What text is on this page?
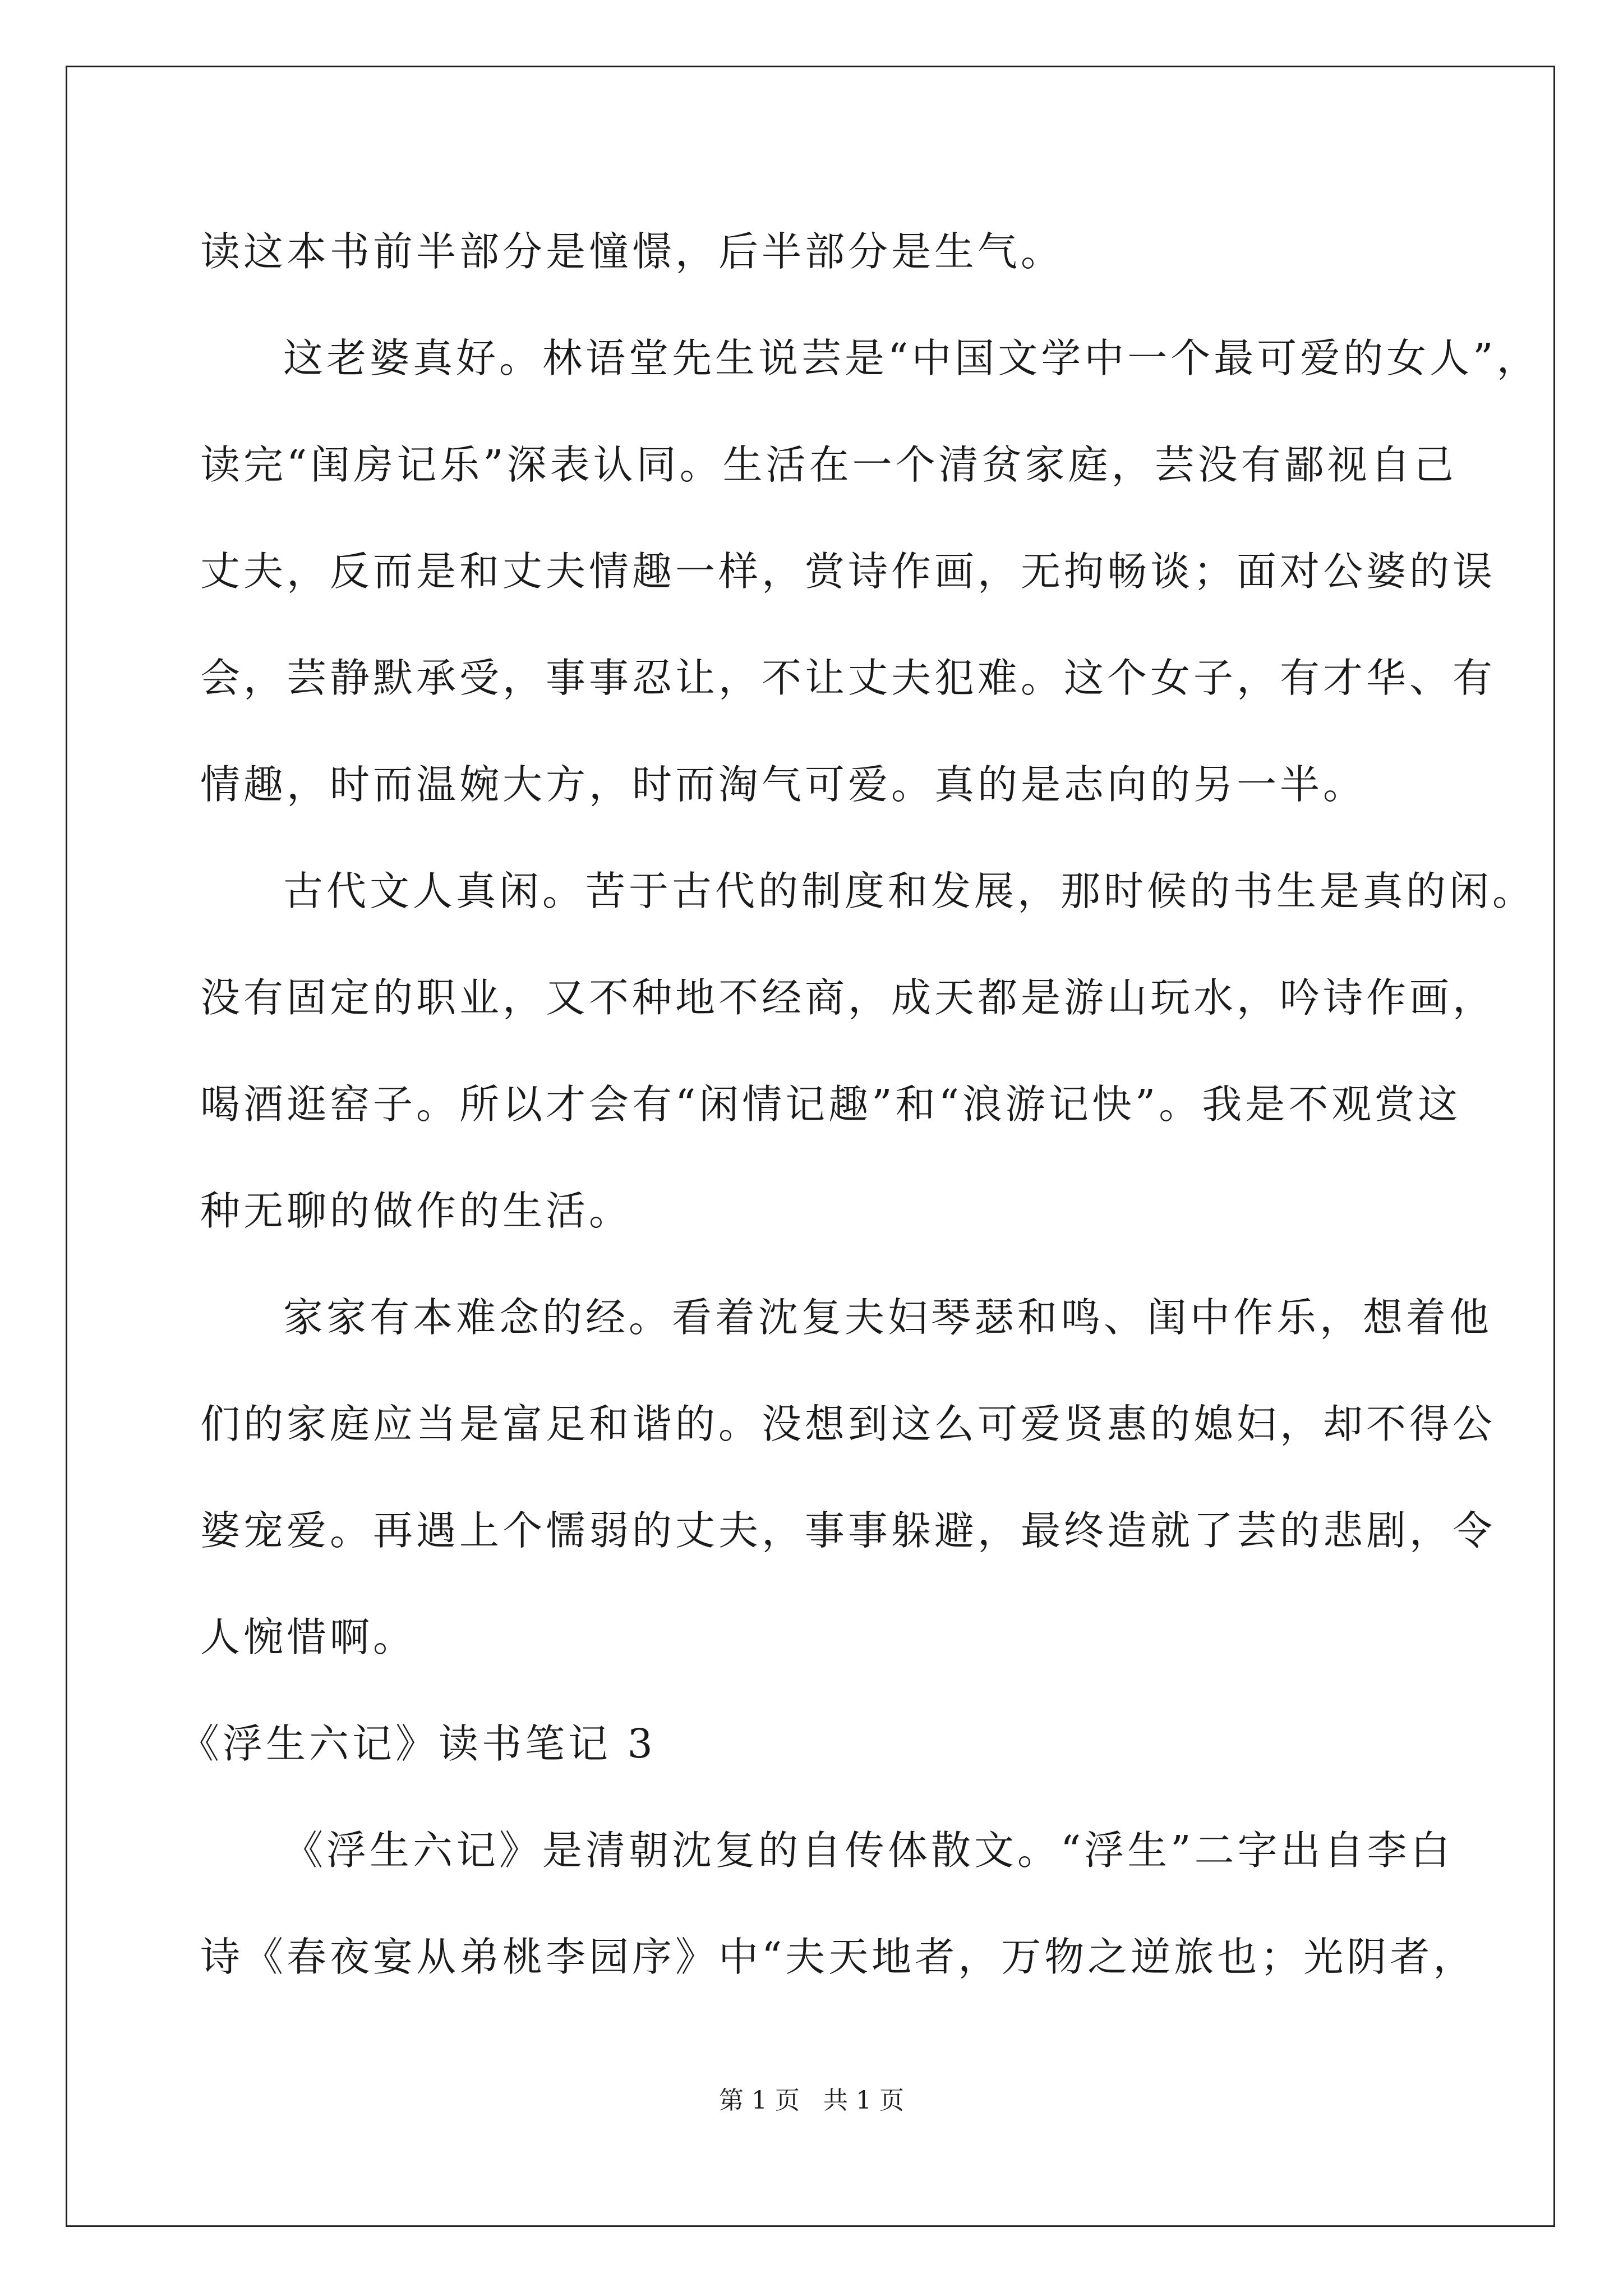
读这本书前半部分是憧憬，后半部分是生气。
这老婆真好。林语堂先生说芸是“中国文学中一个最可爱的女人”，
读完“闺房记乐”深表认同。生活在一个清贫家庭，芸没有鄙视自己
丈夫，反而是和丈夫情趣一样，赏诗作画，无拘畅谈；面对公婆的误
会，芸静默承受，事事忍让，不让丈夫犯难。这个女子，有才华、有
情趣，时而温婉大方，时而淘气可爱。真的是志向的另一半。
古代文人真闲。苦于古代的制度和发展，那时候的书生是真的闲。
没有固定的职业，又不种地不经商，成天都是游山玩水，吟诗作画，
喝酒逛窑子。所以才会有“闲情记趣”和“浪游记快”。我是不观赏这
种无聊的做作的生活。
家家有本难念的经。看着沈复夫妇琴瑟和鸣、闺中作乐，想着他
们的家庭应当是富足和谐的。没想到这么可爱贤惠的媳妇，却不得公
婆宠爱。再遇上个懦弱的丈夫，事事躲避，最终造就了芸的悲剧，令
人惋惜啊。
《浮生六记》读书笔记 3
《浮生六记》是清朝沈复的自传体散文。“浮生”二字出自李白
诗《春夜宴从弟桃李园序》中“夫天地者，万物之逆旅也；光阴者，
第 1 页   共 1 页
